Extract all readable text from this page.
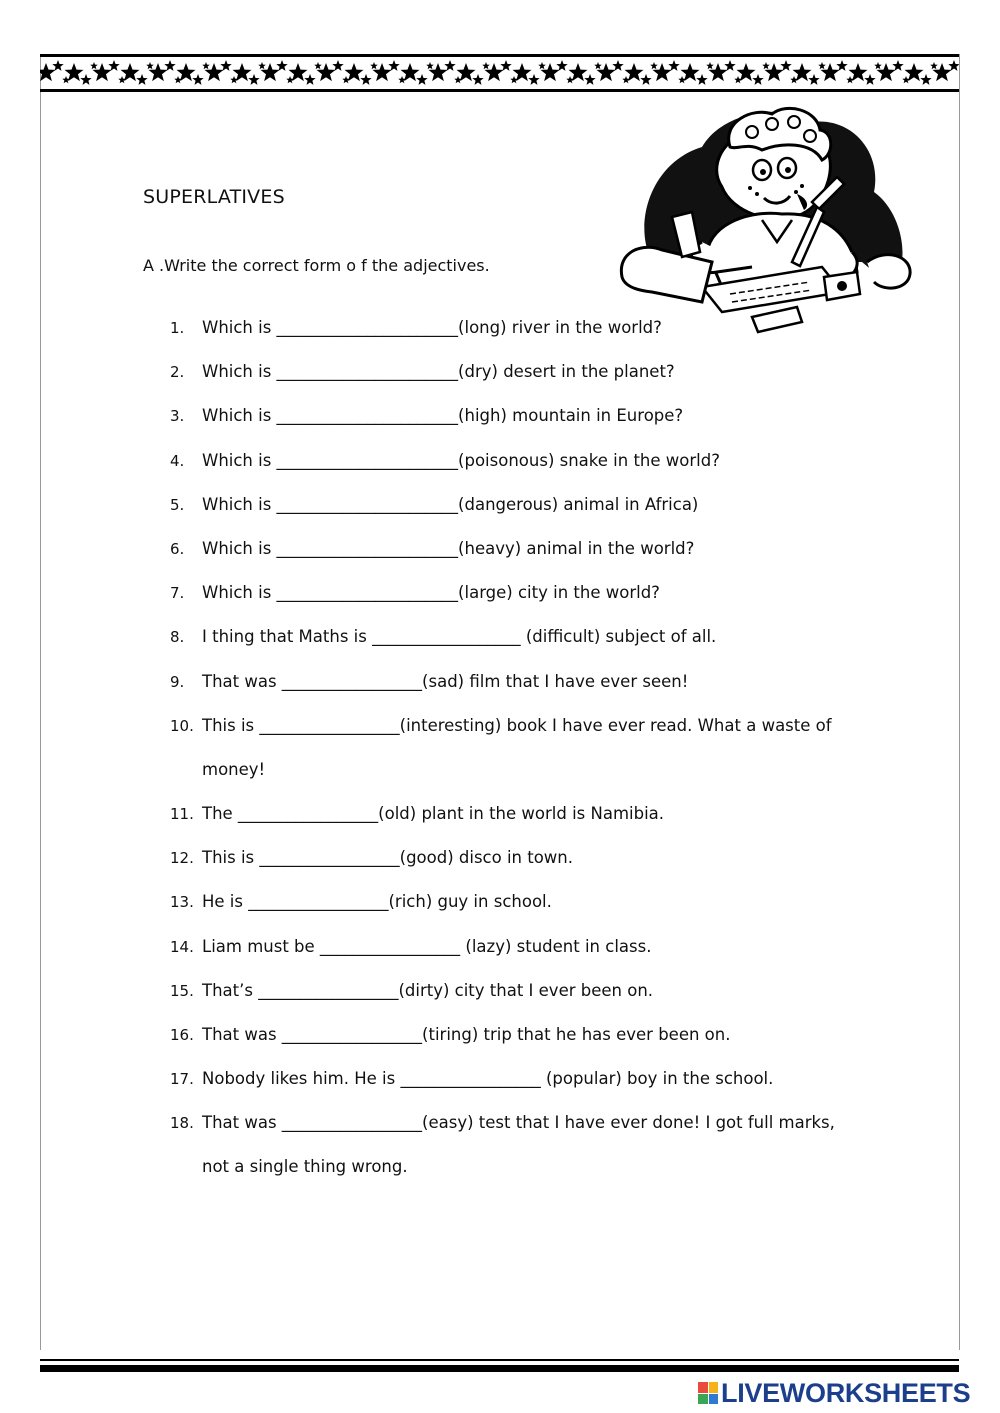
SUPERLATIVES
A .Write the correct form o f the adjectives.
1.	Which is ______________________(long) river in the world?
2.	Which is ______________________(dry) desert in the planet?
3.	Which is ______________________(high) mountain in Europe?
4.	Which is ______________________(poisonous) snake in the world?
5.	Which is ______________________(dangerous) animal in Africa)
6.	Which is ______________________(heavy) animal in the world?
7.	Which is ______________________(large) city in the world?
8.	I thing that Maths is __________________ (difficult) subject of all.
9.	That was _________________(sad) film that I have ever seen!
10. This is _________________(interesting) book I have ever read. What a waste of money!
11. The _________________(old) plant in the world is Namibia.
12. This is _________________(good) disco in town.
13. He is _________________(rich) guy in school.
14. Liam must be _________________ (lazy) student in class.
15. That’s _________________(dirty) city that I ever been on.
16. That was _________________(tiring) trip that he has ever been on.
17. Nobody likes him. He is _________________ (popular) boy in the school.
18. That was _________________(easy) test that I have ever done! I got full marks, not a single thing wrong.
LIVEWORKSHEETS
